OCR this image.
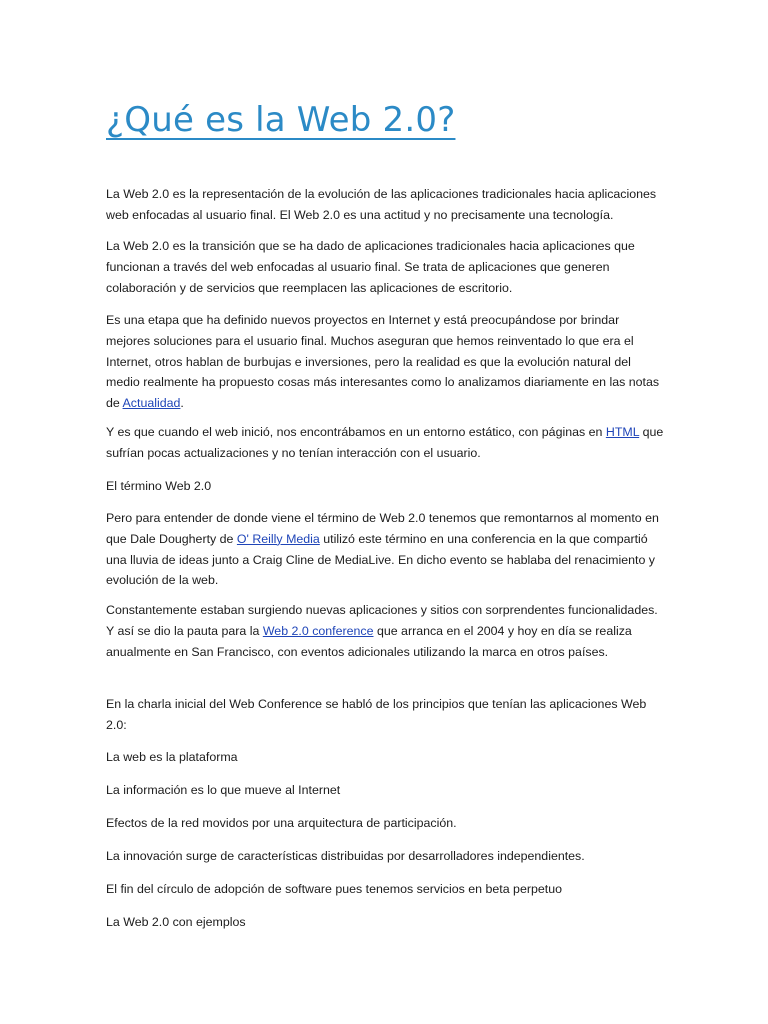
¿Qué es la Web 2.0?

La Web 2.0 es la representación de la evolución de las aplicaciones tradicionales hacia aplicaciones web enfocadas al usuario final. El Web 2.0 es una actitud y no precisamente una tecnología.

La Web 2.0 es la transición que se ha dado de aplicaciones tradicionales hacia aplicaciones que funcionan a través del web enfocadas al usuario final. Se trata de aplicaciones que generen colaboración y de servicios que reemplacen las aplicaciones de escritorio.

Es una etapa que ha definido nuevos proyectos en Internet y está preocupándose por brindar mejores soluciones para el usuario final. Muchos aseguran que hemos reinventado lo que era el Internet, otros hablan de burbujas e inversiones, pero la realidad es que la evolución natural del medio realmente ha propuesto cosas más interesantes como lo analizamos diariamente en las notas de Actualidad.

Y es que cuando el web inició, nos encontrábamos en un entorno estático, con páginas en HTML que sufrían pocas actualizaciones y no tenían interacción con el usuario.

El término Web 2.0

Pero para entender de donde viene el término de Web 2.0 tenemos que remontarnos al momento en que Dale Dougherty de O' Reilly Media utilizó este término en una conferencia en la que compartió una lluvia de ideas junto a Craig Cline de MediaLive. En dicho evento se hablaba del renacimiento y evolución de la web.

Constantemente estaban surgiendo nuevas aplicaciones y sitios con sorprendentes funcionalidades. Y así se dio la pauta para la Web 2.0 conference que arranca en el 2004 y hoy en día se realiza anualmente en San Francisco, con eventos adicionales utilizando la marca en otros países.

En la charla inicial del Web Conference se habló de los principios que tenían las aplicaciones Web 2.0:

La web es la plataforma

La información es lo que mueve al Internet

Efectos de la red movidos por una arquitectura de participación.

La innovación surge de características distribuidas por desarrolladores independientes.

El fin del círculo de adopción de software pues tenemos servicios en beta perpetuo

La Web 2.0 con ejemplos
